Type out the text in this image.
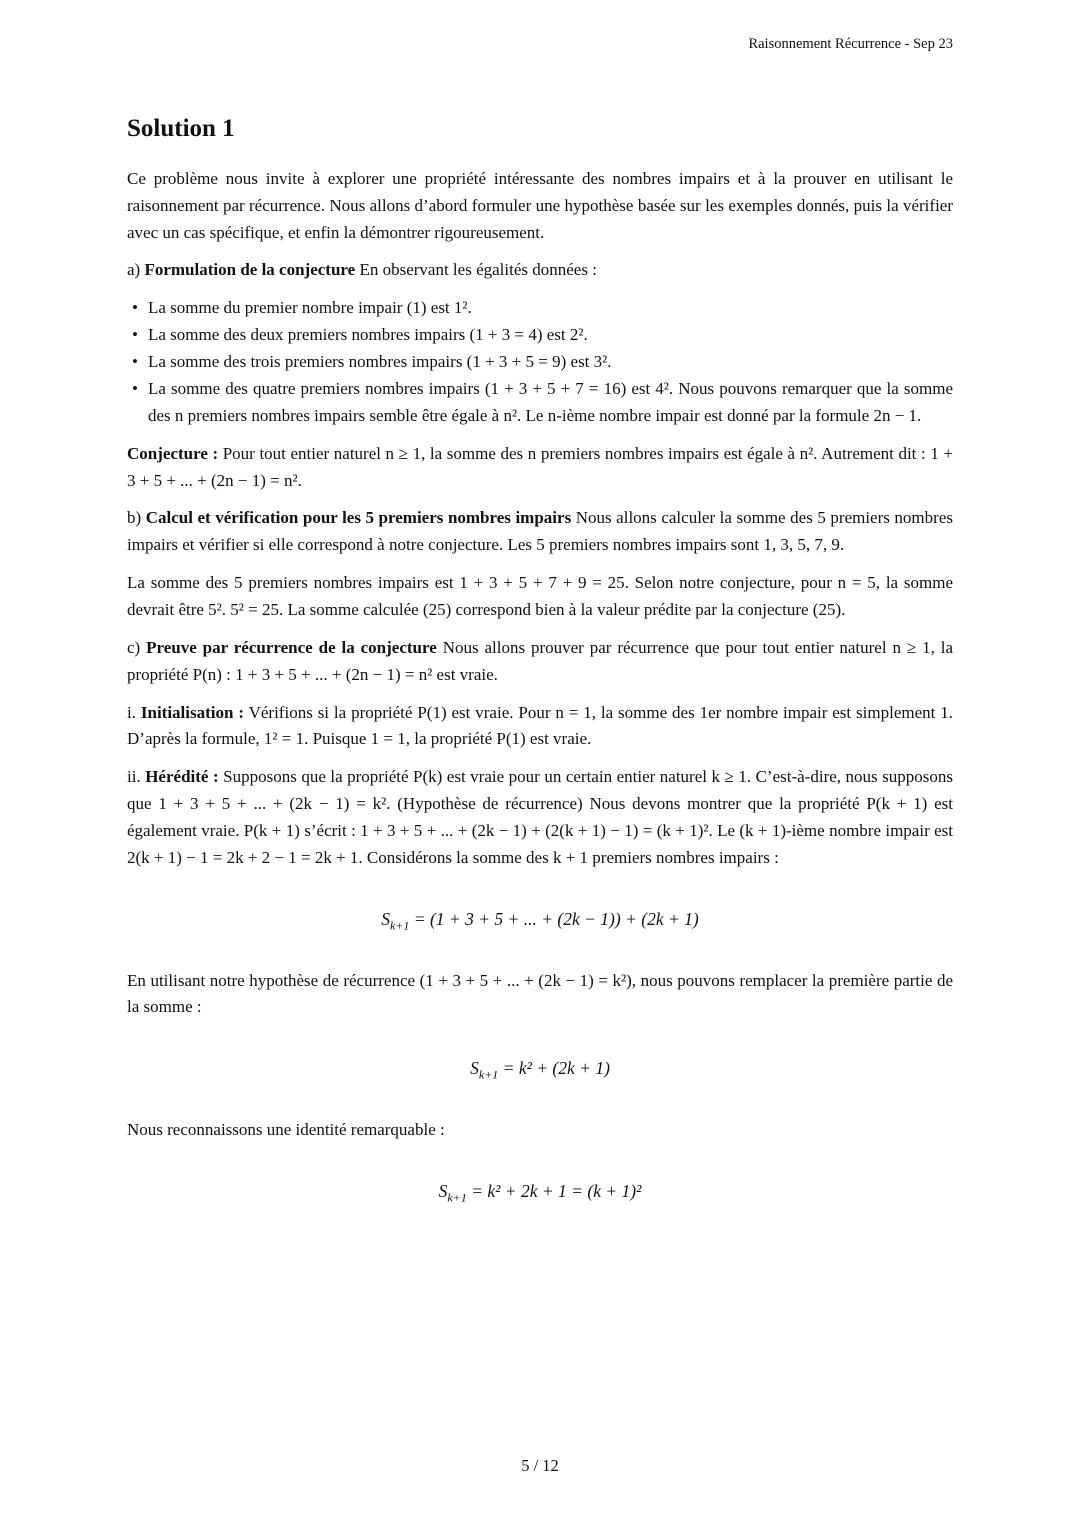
Raisonnement Récurrence - Sep 23
Solution 1

Ce problème nous invite à explorer une propriété intéressante des nombres impairs et à la prouver en utilisant le raisonnement par récurrence. Nous allons d’abord formuler une hypothèse basée sur les exemples donnés, puis la vérifier avec un cas spécifique, et enfin la démontrer rigoureusement.

a) Formulation de la conjecture En observant les égalités données :

• La somme du premier nombre impair (1) est 1².
• La somme des deux premiers nombres impairs (1 + 3 = 4) est 2².
• La somme des trois premiers nombres impairs (1 + 3 + 5 = 9) est 3².
• La somme des quatre premiers nombres impairs (1 + 3 + 5 + 7 = 16) est 4². Nous pouvons remarquer que la somme des n premiers nombres impairs semble être égale à n². Le n-ième nombre impair est donné par la formule 2n − 1.

Conjecture : Pour tout entier naturel n ≥ 1, la somme des n premiers nombres impairs est égale à n². Autrement dit : 1 + 3 + 5 + ... + (2n − 1) = n².

b) Calcul et vérification pour les 5 premiers nombres impairs Nous allons calculer la somme des 5 premiers nombres impairs et vérifier si elle correspond à notre conjecture. Les 5 premiers nombres impairs sont 1, 3, 5, 7, 9.

La somme des 5 premiers nombres impairs est 1 + 3 + 5 + 7 + 9 = 25. Selon notre conjecture, pour n = 5, la somme devrait être 5². 5² = 25. La somme calculée (25) correspond bien à la valeur prédite par la conjecture (25).

c) Preuve par récurrence de la conjecture Nous allons prouver par récurrence que pour tout entier naturel n ≥ 1, la propriété P(n) : 1 + 3 + 5 + ... + (2n − 1) = n² est vraie.

i. Initialisation : Vérifions si la propriété P(1) est vraie. Pour n = 1, la somme des 1er nombre impair est simplement 1. D’après la formule, 1² = 1. Puisque 1 = 1, la propriété P(1) est vraie.

ii. Hérédité : Supposons que la propriété P(k) est vraie pour un certain entier naturel k ≥ 1. C’est-à-dire, nous supposons que 1 + 3 + 5 + ... + (2k − 1) = k². (Hypothèse de récurrence) Nous devons montrer que la propriété P(k + 1) est également vraie. P(k + 1) s’écrit : 1 + 3 + 5 + ... + (2k − 1) + (2(k + 1) − 1) = (k + 1)². Le (k + 1)-ième nombre impair est 2(k + 1) − 1 = 2k + 2 − 1 = 2k + 1. Considérons la somme des k + 1 premiers nombres impairs :

$S_{k+1} = (1 + 3 + 5$ + ... + (2k − 1)) + (2k + 1)

En utilisant notre hypothèse de récurrence (1 + 3 + 5 + ... + (2k − 1) = k²), nous pouvons remplacer la première partie de la somme :

$S_{k+1} = k^2 + (2k + 1)$

Nous reconnaissons une identité remarquable :

$S_{k+1} = k^2 + 2k + 1 = (k + 1)^2$
5 / 12
